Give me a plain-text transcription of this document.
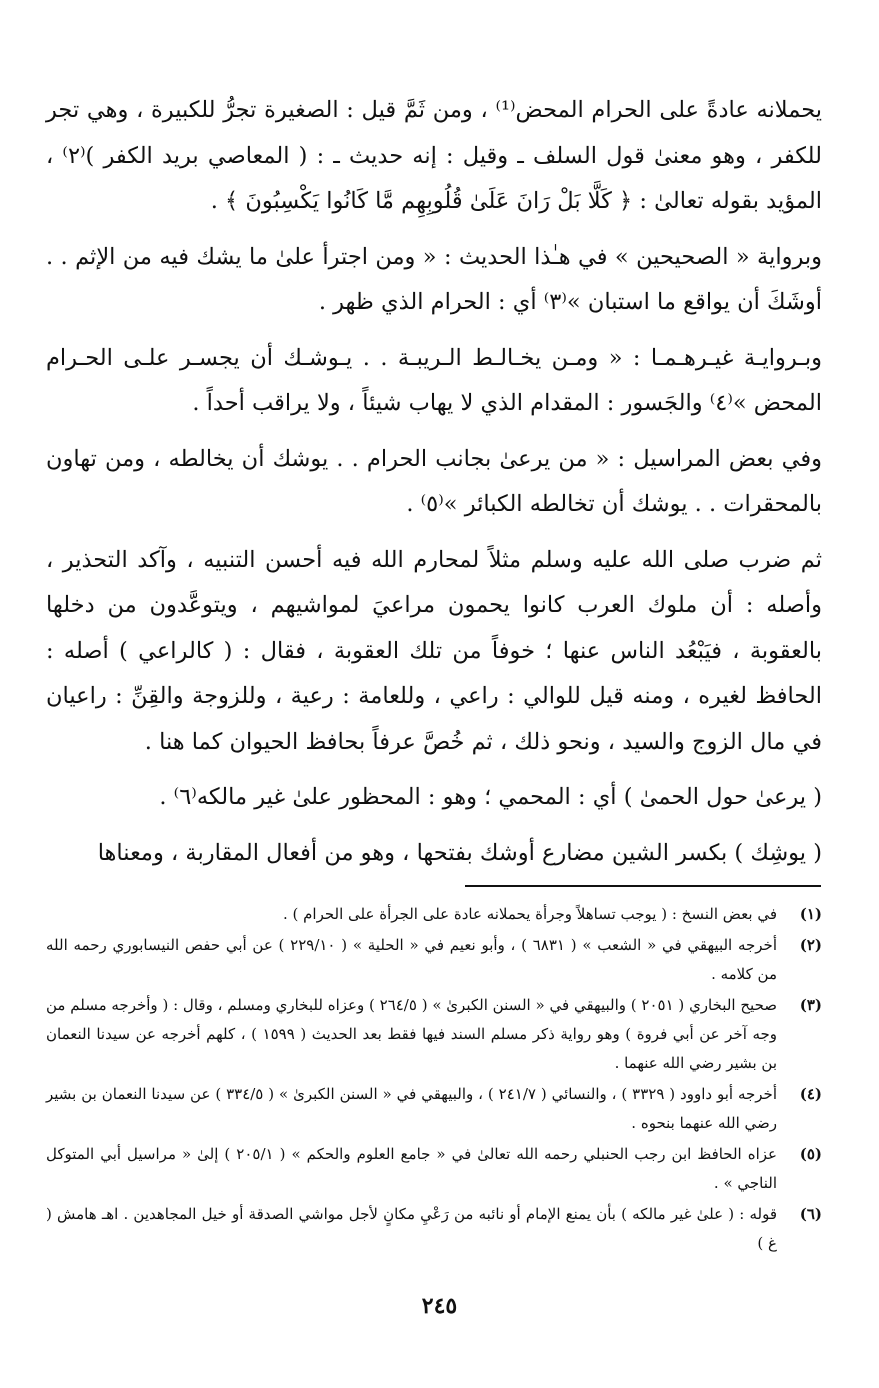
يحملانه عادةً على الحرام المحض⁽¹⁾ ، ومن ثَمَّ قيل : الصغيرة تجرُّ للكبيرة ، وهي تجر للكفر ، وهو معنىٰ قول السلف ـ وقيل : إنه حديث ـ : ( المعاصي بريد الكفر )⁽٢⁾ ، المؤيد بقوله تعالىٰ : ﴿ كَلَّا بَلْ رَانَ عَلَىٰ قُلُوبِهِم مَّا كَانُوا يَكْسِبُونَ ﴾ .

وبرواية « الصحيحين » في هـٰذا الحديث : « ومن اجترأ علىٰ ما يشك فيه من الإثم . . أوشَكَ أن يواقع ما استبان »⁽٣⁾ أي : الحرام الذي ظهر .

وبـروايـة غيـرهـمـا : « ومـن يخـالـط الـريبـة . . يـوشـك أن يجسـر علـى الحـرام المحض »⁽٤⁾ والجَسور : المقدام الذي لا يهاب شيئاً ، ولا يراقب أحداً .

وفي بعض المراسيل : « من يرعىٰ بجانب الحرام . . يوشك أن يخالطه ، ومن تهاون بالمحقرات . . يوشك أن تخالطه الكبائر »⁽٥⁾ .

ثم ضرب صلى الله عليه وسلم مثلاً لمحارم الله فيه أحسن التنبيه ، وآكد التحذير ، وأصله : أن ملوك العرب كانوا يحمون مراعيَ لمواشيهم ، ويتوعَّدون من دخلها بالعقوبة ، فيَبْعُد الناس عنها ؛ خوفاً من تلك العقوبة ، فقال : ( كالراعي ) أصله : الحافظ لغيره ، ومنه قيل للوالي : راعي ، وللعامة : رعية ، وللزوجة والقِنِّ : راعيان في مال الزوج والسيد ، ونحو ذلك ، ثم خُصَّ عرفاً بحافظ الحيوان كما هنا .

( يرعىٰ حول الحمىٰ ) أي : المحمي ؛ وهو : المحظور علىٰ غير مالكه⁽٦⁾ .

( يوشِك ) بكسر الشين مضارع أوشك بفتحها ، وهو من أفعال المقاربة ، ومعناها

(١)
في بعض النسخ : ( يوجب تساهلاً وجرأة يحملانه عادة على الجرأة على الحرام ) .
(٢)
أخرجه البيهقي في « الشعب » ( ٦٨٣١ ) ، وأبو نعيم في « الحلية » ( ٢٢٩/١٠ ) عن أبي حفص النيسابوري رحمه الله من كلامه .
(٣)
صحيح البخاري ( ٢٠٥١ ) والبيهقي في « السنن الكبرىٰ » ( ٢٦٤/٥ ) وعزاه للبخاري ومسلم ، وقال : ( وأخرجه مسلم من وجه آخر عن أبي فروة ) وهو رواية ذكر مسلم السند فيها فقط بعد الحديث ( ١٥٩٩ ) ، كلهم أخرجه عن سيدنا النعمان بن بشير رضي الله عنهما .
(٤)
أخرجه أبو داوود ( ٣٣٢٩ ) ، والنسائي ( ٢٤١/٧ ) ، والبيهقي في « السنن الكبرىٰ » ( ٣٣٤/٥ ) عن سيدنا النعمان بن بشير رضي الله عنهما بنحوه .
(٥)
عزاه الحافظ ابن رجب الحنبلي رحمه الله تعالىٰ في « جامع العلوم والحكم » ( ٢٠٥/١ ) إلىٰ « مراسيل أبي المتوكل الناجي » .
(٦)
قوله : ( علىٰ غير مالكه ) بأن يمنع الإمام أو نائبه من رَعْيِ مكانٍ لأجل مواشي الصدقة أو خيل المجاهدين . اهـ هامش ( غ )
٢٤٥
